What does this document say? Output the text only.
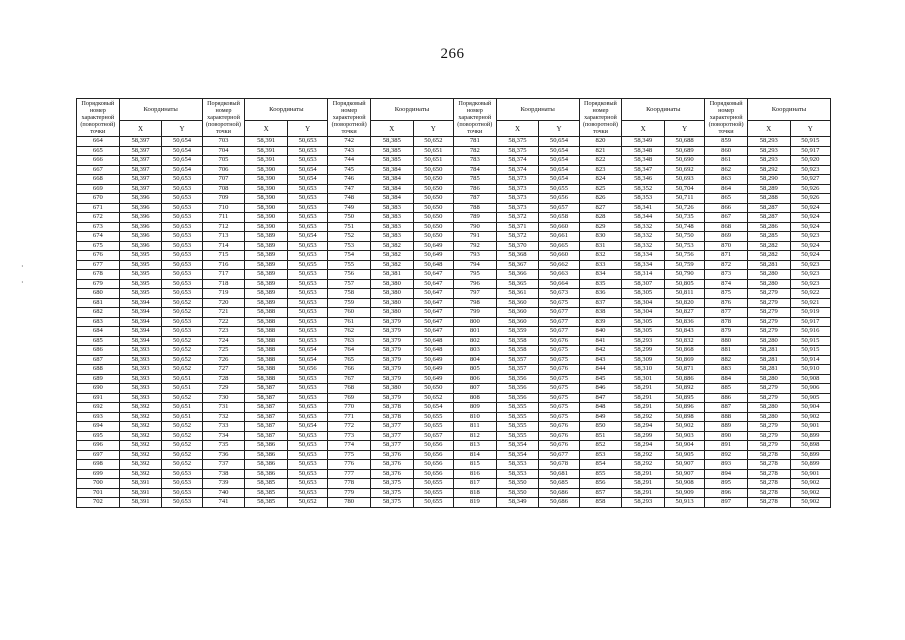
266
Порядковый номер характерной (поворотной) точки	Координаты		Порядковый номер характерной (поворотной) точки	Координаты		Порядковый номер характерной (поворотной) точки	Координаты		Порядковый номер характерной (поворотной) точки	Координаты		Порядковый номер характерной (поворотной) точки	Координаты		Порядковый номер характерной (поворотной) точки	Координаты	
	X	Y		X	Y		X	Y		X	Y		X	Y		X	Y
664	58,397	50,654	703	58,391	50,653	742	58,385	50,652	781	58,375	50,654	820	58,349	50,688	859	58,293	50,915
665	58,397	50,654	704	58,391	50,653	743	58,385	50,651	782	58,375	50,654	821	58,348	50,689	860	58,293	50,917
666	58,397	50,654	705	58,391	50,653	744	58,385	50,651	783	58,374	50,654	822	58,348	50,690	861	58,293	50,920
667	58,397	50,654	706	58,390	50,654	745	58,384	50,650	784	58,374	50,654	823	58,347	50,692	862	58,292	50,923
668	58,397	50,653	707	58,390	50,654	746	58,384	50,650	785	58,373	50,654	824	58,346	50,693	863	58,290	50,927
669	58,397	50,653	708	58,390	50,653	747	58,384	50,650	786	58,373	50,655	825	58,352	50,704	864	58,289	50,926
670	58,396	50,653	709	58,390	50,653	748	58,384	50,650	787	58,373	50,656	826	58,353	50,711	865	58,288	50,926
671	58,396	50,653	710	58,390	50,653	749	58,383	50,650	788	58,373	50,657	827	58,341	50,726	866	58,287	50,924
672	58,396	50,653	711	58,390	50,653	750	58,383	50,650	789	58,372	50,658	828	58,344	50,735	867	58,287	50,924
673	58,396	50,653	712	58,390	50,653	751	58,383	50,650	790	58,371	50,660	829	58,332	50,748	868	58,286	50,924
674	58,396	50,653	713	58,389	50,654	752	58,383	50,650	791	58,372	50,661	830	58,332	50,750	869	58,285	50,923
675	58,396	50,653	714	58,389	50,653	753	58,382	50,649	792	58,370	50,665	831	58,332	50,753	870	58,282	50,924
676	58,395	50,653	715	58,389	50,653	754	58,382	50,649	793	58,368	50,660	832	58,334	50,756	871	58,282	50,924
677	58,395	50,653	716	58,389	50,655	755	58,382	50,648	794	58,367	50,662	833	58,334	50,759	872	58,281	50,923
678	58,395	50,653	717	58,389	50,653	756	58,381	50,647	795	58,366	50,663	834	58,314	50,790	873	58,280	50,923
679	58,395	50,653	718	58,389	50,653	757	58,380	50,647	796	58,365	50,664	835	58,307	50,805	874	58,280	50,923
680	58,395	50,653	719	58,389	50,653	758	58,380	50,647	797	58,361	50,673	836	58,305	50,811	875	58,279	50,922
681	58,394	50,652	720	58,389	50,653	759	58,380	50,647	798	58,360	50,675	837	58,304	50,820	876	58,279	50,921
682	58,394	50,652	721	58,388	50,653	760	58,380	50,647	799	58,360	50,677	838	58,304	50,827	877	58,279	50,919
683	58,394	50,653	722	58,388	50,653	761	58,379	50,647	800	58,360	50,677	839	58,305	50,836	878	58,279	50,917
684	58,394	50,653	723	58,388	50,653	762	58,379	50,647	801	58,359	50,677	840	58,305	50,843	879	58,279	50,916
685	58,394	50,652	724	58,388	50,653	763	58,379	50,648	802	58,358	50,676	841	58,293	50,832	880	58,280	50,915
686	58,393	50,652	725	58,388	50,654	764	58,379	50,648	803	58,358	50,675	842	58,299	50,868	881	58,281	50,915
687	58,393	50,652	726	58,388	50,654	765	58,379	50,649	804	58,357	50,675	843	58,309	50,869	882	58,281	50,914
688	58,393	50,652	727	58,388	50,656	766	58,379	50,649	805	58,357	50,676	844	58,310	50,871	883	58,281	50,910
689	58,393	50,651	728	58,388	50,653	767	58,379	50,649	806	58,356	50,675	845	58,301	50,886	884	58,280	50,908
690	58,393	50,651	729	58,387	50,653	768	58,380	50,650	807	58,356	50,675	846	58,291	50,892	885	58,279	50,906
691	58,393	50,652	730	58,387	50,653	769	58,379	50,652	808	58,356	50,675	847	58,291	50,895	886	58,279	50,905
692	58,392	50,651	731	58,387	50,653	770	58,378	50,654	809	58,355	50,675	848	58,291	50,896	887	58,280	50,904
693	58,392	50,651	732	58,387	50,653	771	58,378	50,655	810	58,355	50,675	849	58,292	50,898	888	58,280	50,902
694	58,392	50,652	733	58,387	50,654	772	58,377	50,655	811	58,355	50,676	850	58,294	50,902	889	58,279	50,901
695	58,392	50,652	734	58,387	50,653	773	58,377	50,657	812	58,355	50,676	851	58,299	50,903	890	58,279	50,899
696	58,392	50,652	735	58,386	50,653	774	58,377	50,656	813	58,354	50,676	852	58,294	50,904	891	58,279	50,898
697	58,392	50,652	736	58,386	50,653	775	58,376	50,656	814	58,354	50,677	853	58,292	50,905	892	58,278	50,899
698	58,392	50,652	737	58,386	50,653	776	58,376	50,656	815	58,353	50,678	854	58,292	50,907	893	58,278	50,899
699	58,392	50,653	738	58,386	50,653	777	58,376	50,656	816	58,353	50,681	855	58,291	50,907	894	58,278	50,901
700	58,391	50,653	739	58,385	50,653	778	58,375	50,655	817	58,350	50,685	856	58,291	50,908	895	58,278	50,902
701	58,391	50,653	740	58,385	50,653	779	58,375	50,655	818	58,350	50,686	857	58,291	50,909	896	58,278	50,902
702	58,391	50,653	741	58,385	50,652	780	58,375	50,655	819	58,349	50,686	858	58,293	50,913	897	58,278	50,902
·
·
